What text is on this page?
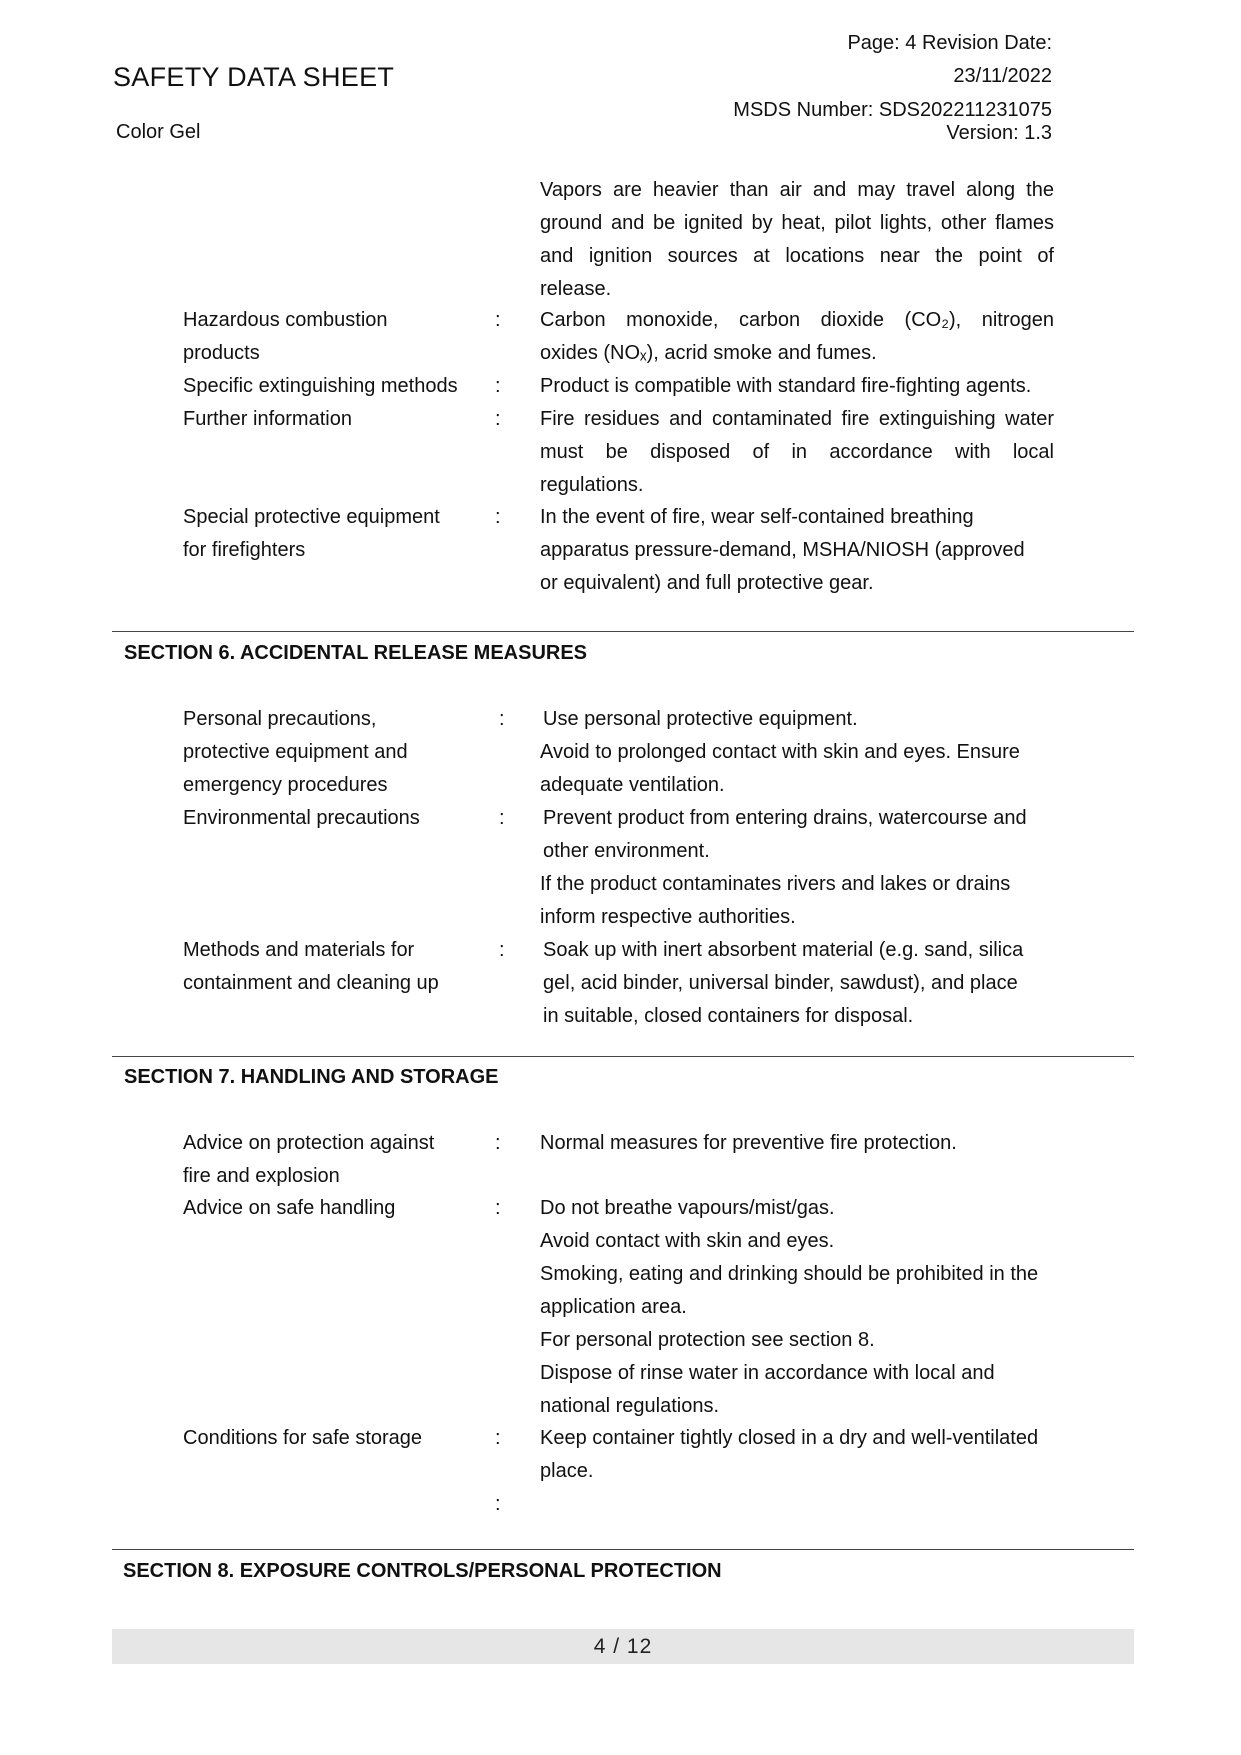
SAFETY DATA SHEET
Color Gel
Page: 4 Revision Date:
23/11/2022
MSDS Number: SDS202211231075
Version: 1.3
Vapors are heavier than air and may travel along the
ground and be ignited by heat, pilot lights, other flames
and ignition sources at locations near the point of
release.
Hazardous combustion
products
: Carbon monoxide, carbon dioxide (CO₂), nitrogen
oxides (NOₓ), acrid smoke and fumes.
Specific extinguishing methods : Product is compatible with standard fire-fighting agents.
Further information	: Fire residues and contaminated fire extinguishing water
must be disposed of in accordance with local
regulations.
Special protective equipment
for firefighters
: In the event of fire, wear self-contained breathing
apparatus pressure-demand, MSHA/NIOSH (approved
or equivalent) and full protective gear.
SECTION 6. ACCIDENTAL RELEASE MEASURES
Personal precautions,
protective equipment and
emergency procedures
: Use personal protective equipment.
Avoid to prolonged contact with skin and eyes. Ensure
adequate ventilation.
Environmental precautions	: Prevent product from entering drains, watercourse and
other environment.
If the product contaminates rivers and lakes or drains
inform respective authorities.
Methods and materials for
containment and cleaning up
: Soak up with inert absorbent material (e.g. sand, silica
gel, acid binder, universal binder, sawdust), and place
in suitable, closed containers for disposal.
SECTION 7. HANDLING AND STORAGE
Advice on protection against
fire and explosion
: Normal measures for preventive fire protection.
Advice on safe handling	: Do not breathe vapours/mist/gas.
Avoid contact with skin and eyes.
Smoking, eating and drinking should be prohibited in the
application area.
For personal protection see section 8.
Dispose of rinse water in accordance with local and
national regulations.
Conditions for safe storage	: Keep container tightly closed in a dry and well-ventilated
place.
:
SECTION 8. EXPOSURE CONTROLS/PERSONAL PROTECTION
4 / 12
